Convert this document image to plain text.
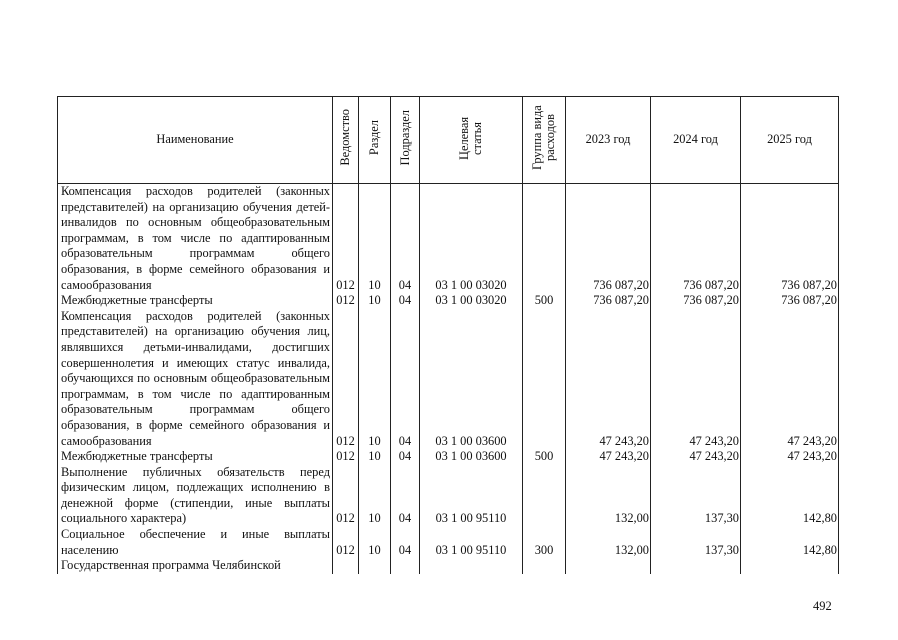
Наименование	Ведомство	Раздел	Подраздел	Целевая статья	Группа вида расходов	2023 год	2024 год	2025 год
Компенсация расходов родителей (законных представителей) на организацию обучения детей-инвалидов по основным общеобразовательным программам, в том числе по адаптированным образовательным программам общего образования, в форме семейного образования и самообразования	012	10	04	03 1 00 03020		736 087,20	736 087,20	736 087,20
Межбюджетные трансферты	012	10	04	03 1 00 03020	500	736 087,20	736 087,20	736 087,20
Компенсация расходов родителей (законных представителей) на организацию обучения лиц, являвшихся детьми-инвалидами, достигших совершеннолетия и имеющих статус инвалида, обучающихся по основным общеобразовательным программам, в том числе по адаптированным образовательным программам общего образования, в форме семейного образования и самообразования	012	10	04	03 1 00 03600		47 243,20	47 243,20	47 243,20
Межбюджетные трансферты	012	10	04	03 1 00 03600	500	47 243,20	47 243,20	47 243,20
Выполнение публичных обязательств перед физическим лицом, подлежащих исполнению в денежной форме (стипендии, иные выплаты социального характера)	012	10	04	03 1 00 95110		132,00	137,30	142,80
Социальное обеспечение и иные выплаты населению	012	10	04	03 1 00 95110	300	132,00	137,30	142,80
Государственная программа Челябинской								
492
